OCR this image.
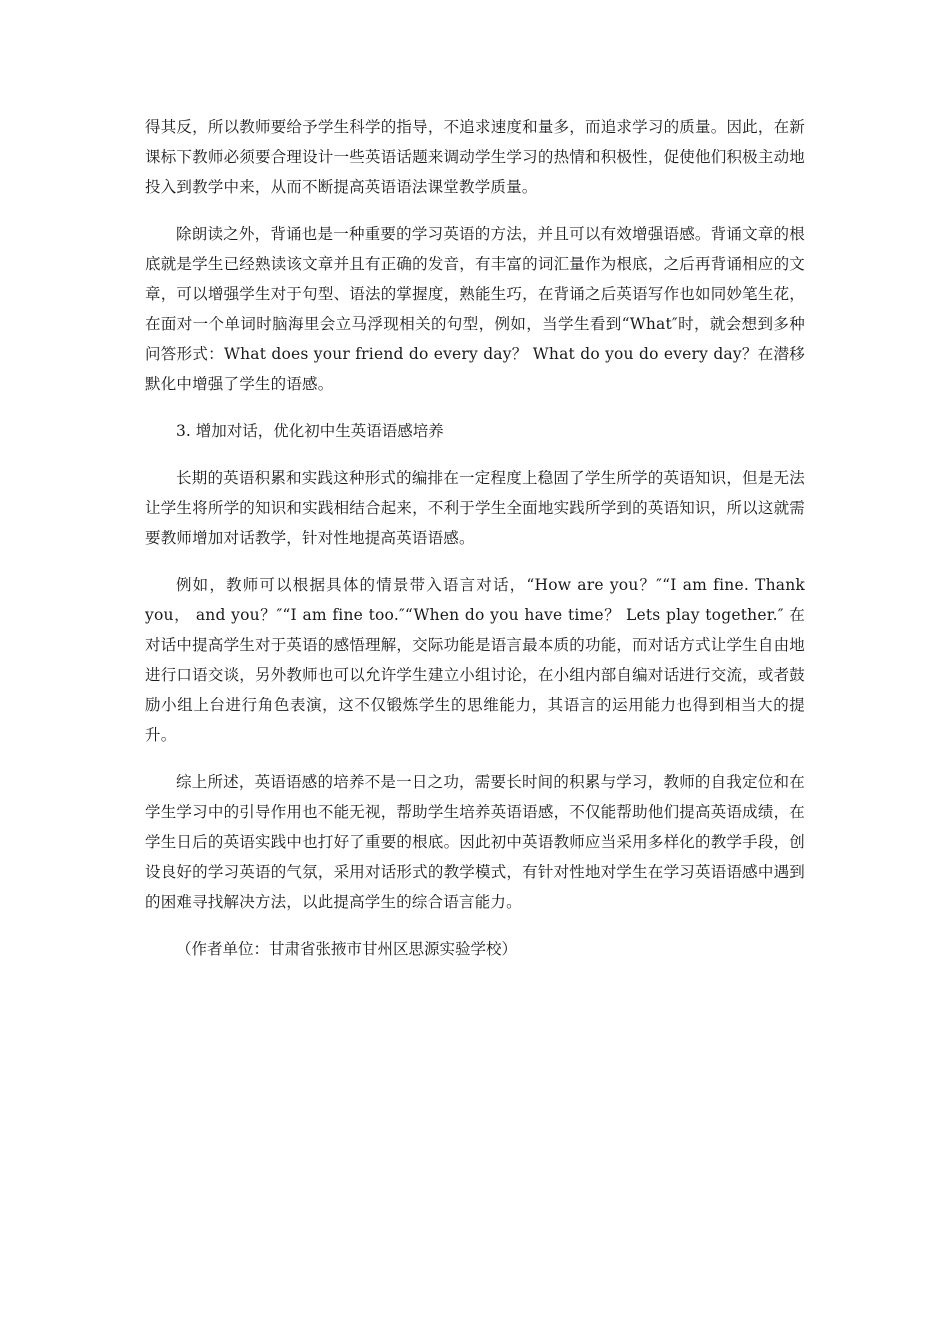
得其反，所以教师要给予学生科学的指导，不追求速度和量多，而追求学习的质量。因此，在新课标下教师必须要合理设计一些英语话题来调动学生学习的热情和积极性，促使他们积极主动地投入到教学中来，从而不断提高英语语法课堂教学质量。

除朗读之外，背诵也是一种重要的学习英语的方法，并且可以有效增强语感。背诵文章的根底就是学生已经熟读该文章并且有正确的发音，有丰富的词汇量作为根底，之后再背诵相应的文章，可以增强学生对于句型、语法的掌握度，熟能生巧，在背诵之后英语写作也如同妙笔生花，在面对一个单词时脑海里会立马浮现相关的句型，例如，当学生看到“What″时，就会想到多种问答形式：What does your friend do every day？ What do you do every day？在潜移默化中增强了学生的语感。

3. 增加对话，优化初中生英语语感培养

长期的英语积累和实践这种形式的编排在一定程度上稳固了学生所学的英语知识，但是无法让学生将所学的知识和实践相结合起来，不利于学生全面地实践所学到的英语知识，所以这就需要教师增加对话教学，针对性地提高英语语感。

例如，教师可以根据具体的情景带入语言对话，“How are you？″“I am fine. Thank you， and you？″“I am fine too.″“When do you have time？ Lets play together.″ 在对话中提高学生对于英语的感悟理解，交际功能是语言最本质的功能，而对话方式让学生自由地进行口语交谈，另外教师也可以允许学生建立小组讨论，在小组内部自编对话进行交流，或者鼓励小组上台进行角色表演，这不仅锻炼学生的思维能力，其语言的运用能力也得到相当大的提升。

综上所述，英语语感的培养不是一日之功，需要长时间的积累与学习，教师的自我定位和在学生学习中的引导作用也不能无视，帮助学生培养英语语感，不仅能帮助他们提高英语成绩，在学生日后的英语实践中也打好了重要的根底。因此初中英语教师应当采用多样化的教学手段，创设良好的学习英语的气氛，采用对话形式的教学模式，有针对性地对学生在学习英语语感中遇到的困难寻找解决方法，以此提高学生的综合语言能力。

（作者单位：甘肃省张掖市甘州区思源实验学校）
